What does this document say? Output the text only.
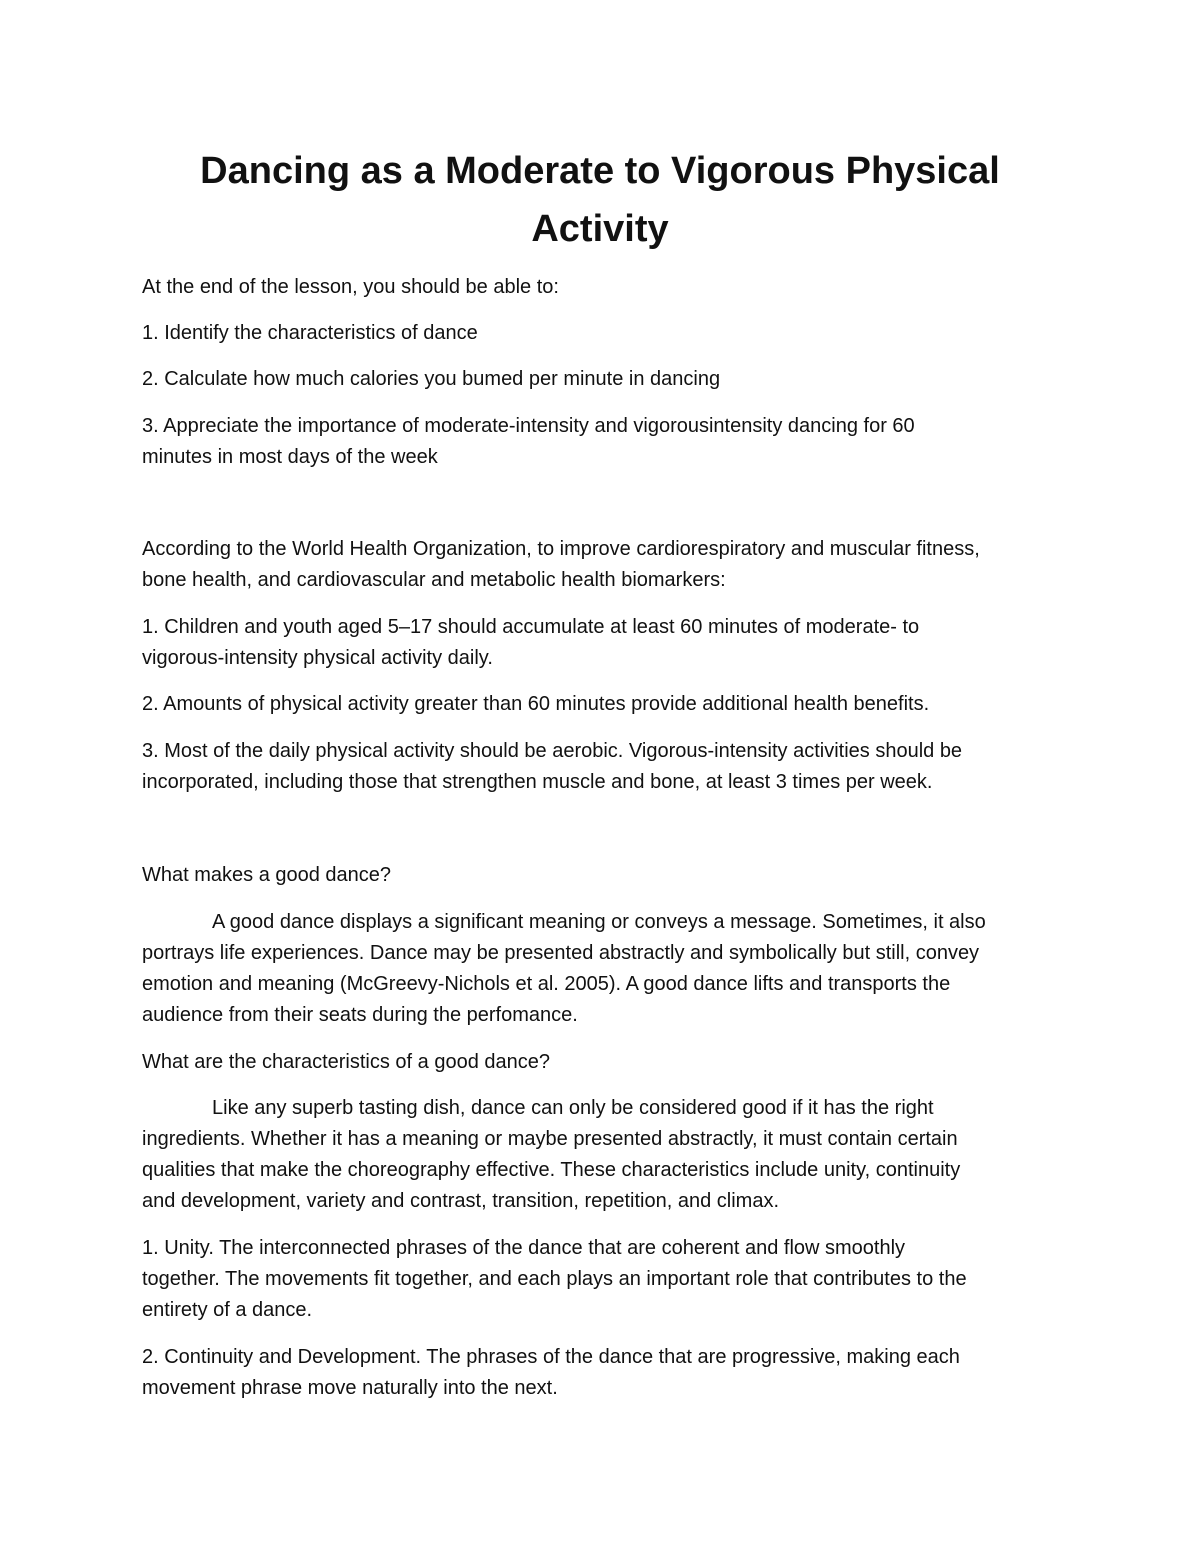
Dancing as a Moderate to Vigorous Physical
Activity

At the end of the lesson, you should be able to:

1. Identify the characteristics of dance

2. Calculate how much calories you bumed per minute in dancing

3. Appreciate the importance of moderate-intensity and vigorousintensity dancing for 60

minutes in most days of the week

According to the World Health Organization, to improve cardiorespiratory and muscular fitness,

bone health, and cardiovascular and metabolic health biomarkers:

1. Children and youth aged 5–17 should accumulate at least 60 minutes of moderate- to

vigorous-intensity physical activity daily.

2. Amounts of physical activity greater than 60 minutes provide additional health benefits.

3. Most of the daily physical activity should be aerobic. Vigorous-intensity activities should be

incorporated, including those that strengthen muscle and bone, at least 3 times per week.

What makes a good dance?

A good dance displays a significant meaning or conveys a message. Sometimes, it also

portrays life experiences. Dance may be presented abstractly and symbolically but still, convey

emotion and meaning (McGreevy-Nichols et al. 2005). A good dance lifts and transports the

audience from their seats during the perfomance.

What are the characteristics of a good dance?

Like any superb tasting dish, dance can only be considered good if it has the right

ingredients. Whether it has a meaning or maybe presented abstractly, it must contain certain

qualities that make the choreography effective. These characteristics include unity, continuity

and development, variety and contrast, transition, repetition, and climax.

1. Unity. The interconnected phrases of the dance that are coherent and flow smoothly

together. The movements fit together, and each plays an important role that contributes to the

entirety of a dance.

2. Continuity and Development. The phrases of the dance that are progressive, making each

movement phrase move naturally into the next.
